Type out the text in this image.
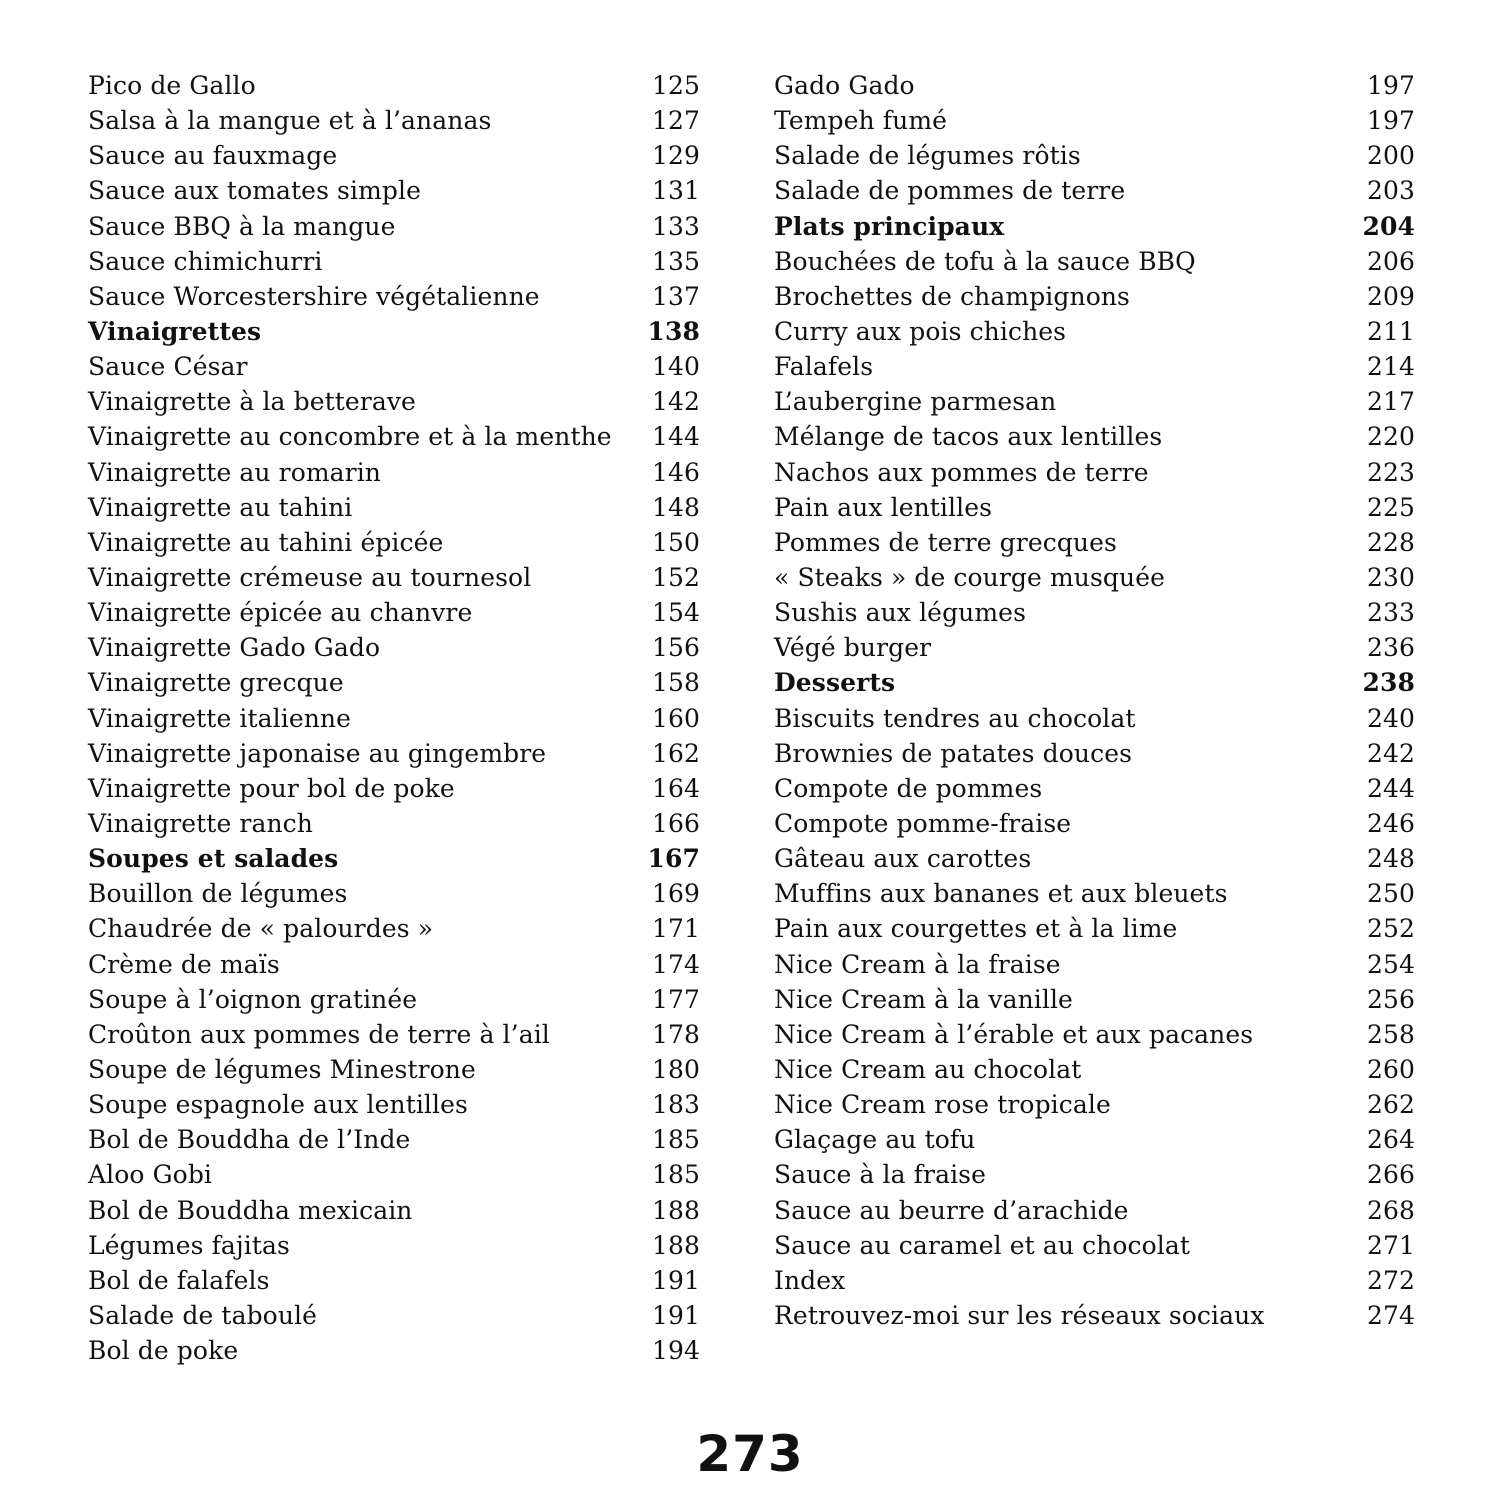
Pico de Gallo	125
Salsa à la mangue et à l’ananas	127
Sauce au fauxmage	129
Sauce aux tomates simple	131
Sauce BBQ à la mangue	133
Sauce chimichurri	135
Sauce Worcestershire végétalienne	137
Vinaigrettes	138
Sauce César	140
Vinaigrette à la betterave	142
Vinaigrette au concombre et à la menthe 144
Vinaigrette au romarin	146
Vinaigrette au tahini	148
Vinaigrette au tahini épicée	150
Vinaigrette crémeuse au tournesol	152
Vinaigrette épicée au chanvre	154
Vinaigrette Gado Gado	156
Vinaigrette grecque	158
Vinaigrette italienne	160
Vinaigrette japonaise au gingembre	162
Vinaigrette pour bol de poke	164
Vinaigrette ranch	166
Soupes et salades	167
Bouillon de légumes	169
Chaudrée de « palourdes »	171
Crème de maïs	174
Soupe à l’oignon gratinée	177
Croûton aux pommes de terre à l’ail	178
Soupe de légumes Minestrone	180
Soupe espagnole aux lentilles	183
Bol de Bouddha de l’Inde	185
Aloo Gobi	185
Bol de Bouddha mexicain	188
Légumes fajitas	188
Bol de falafels	191
Salade de taboulé	191
Bol de poke	194
Gado Gado	197
Tempeh fumé	197
Salade de légumes rôtis	200
Salade de pommes de terre	203
Plats principaux	204
Bouchées de tofu à la sauce BBQ	206
Brochettes de champignons	209
Curry aux pois chiches	211
Falafels	214
L’aubergine parmesan	217
Mélange de tacos aux lentilles	220
Nachos aux pommes de terre	223
Pain aux lentilles	225
Pommes de terre grecques	228
« Steaks » de courge musquée	230
Sushis aux légumes	233
Végé burger	236
Desserts	238
Biscuits tendres au chocolat	240
Brownies de patates douces	242
Compote de pommes	244
Compote pomme-fraise	246
Gâteau aux carottes	248
Muffins aux bananes et aux bleuets	250
Pain aux courgettes et à la lime	252
Nice Cream à la fraise	254
Nice Cream à la vanille	256
Nice Cream à l’érable et aux pacanes	258
Nice Cream au chocolat	260
Nice Cream rose tropicale	262
Glaçage au tofu	264
Sauce à la fraise	266
Sauce au beurre d’arachide	268
Sauce au caramel et au chocolat	271
Index	272
Retrouvez-moi sur les réseaux sociaux	274
273
